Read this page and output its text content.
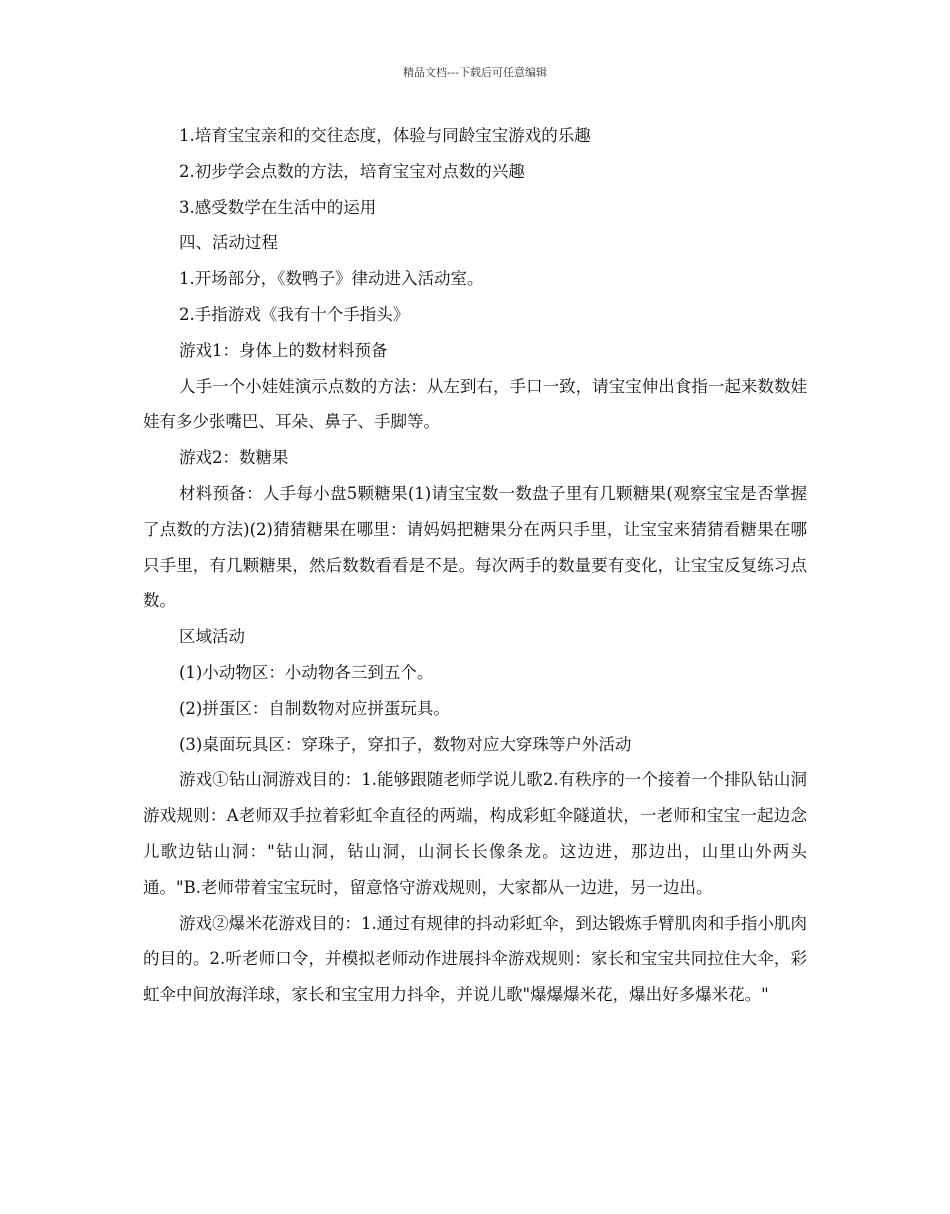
精品文档---下载后可任意编辑

1.培育宝宝亲和的交往态度，体验与同龄宝宝游戏的乐趣

2.初步学会点数的方法，培育宝宝对点数的兴趣

3.感受数学在生活中的运用

四、活动过程

1.开场部分，《数鸭子》律动进入活动室。

2.手指游戏《我有十个手指头》

游戏1：身体上的数材料预备

人手一个小娃娃演示点数的方法：从左到右，手口一致，请宝宝伸出食指一起来数数娃娃有多少张嘴巴、耳朵、鼻子、手脚等。

游戏2：数糖果

材料预备：人手每小盘5颗糖果(1)请宝宝数一数盘子里有几颗糖果(观察宝宝是否掌握了点数的方法)(2)猜猜糖果在哪里：请妈妈把糖果分在两只手里，让宝宝来猜猜看糖果在哪只手里，有几颗糖果，然后数数看看是不是。每次两手的数量要有变化，让宝宝反复练习点数。

区域活动

(1)小动物区：小动物各三到五个。

(2)拼蛋区：自制数物对应拼蛋玩具。

(3)桌面玩具区：穿珠子，穿扣子，数物对应大穿珠等户外活动

游戏①钻山洞游戏目的：1.能够跟随老师学说儿歌2.有秩序的一个接着一个排队钻山洞游戏规则：A老师双手拉着彩虹伞直径的两端，构成彩虹伞隧道状，一老师和宝宝一起边念儿歌边钻山洞："钻山洞，钻山洞，山洞长长像条龙。这边进，那边出，山里山外两头通。"B.老师带着宝宝玩时，留意恪守游戏规则，大家都从一边进，另一边出。

游戏②爆米花游戏目的：1.通过有规律的抖动彩虹伞，到达锻炼手臂肌肉和手指小肌肉的目的。2.听老师口令，并模拟老师动作进展抖伞游戏规则：家长和宝宝共同拉住大伞，彩虹伞中间放海洋球，家长和宝宝用力抖伞，并说儿歌"爆爆爆米花，爆出好多爆米花。"
